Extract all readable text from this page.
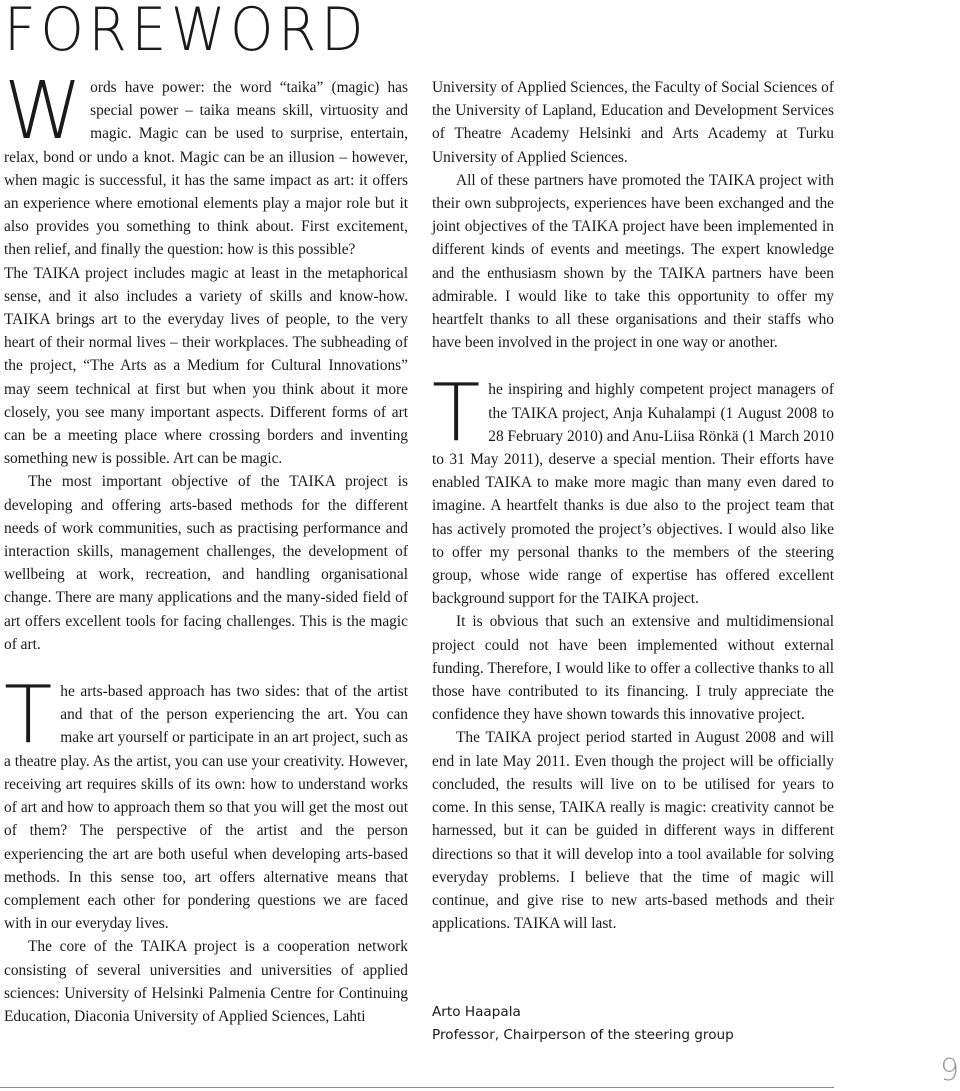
FOREWORD

W ords have power: the word “taika” (magic) has special power – taika means skill, virtuosity and magic. Magic can be used to surprise, entertain, relax, bond or undo a knot. Magic can be an illusion – however, when magic is successful, it has the same impact as art: it offers an experience where emotional elements play a major role but it also provides you something to think about. First excitement, then relief, and finally the question: how is this possible?

The TAIKA project includes magic at least in the metaphorical sense, and it also includes a variety of skills and know-how. TAIKA brings art to the everyday lives of people, to the very heart of their normal lives – their workplaces. The subheading of the project, “The Arts as a Medium for Cultural Innovations” may seem technical at first but when you think about it more closely, you see many important aspects. Different forms of art can be a meeting place where crossing borders and inventing something new is possible. Art can be magic.

The most important objective of the TAIKA project is developing and offering arts-based methods for the different needs of work communities, such as practising performance and interaction skills, management challenges, the development of wellbeing at work, recreation, and handling organisational change. There are many applications and the many-sided field of art offers excellent tools for facing challenges. This is the magic of art.

T he arts-based approach has two sides: that of the artist and that of the person experiencing the art. You can make art yourself or participate in an art project, such as a theatre play. As the artist, you can use your creativity. However, receiving art requires skills of its own: how to understand works of art and how to approach them so that you will get the most out of them? The perspective of the artist and the person experiencing the art are both useful when developing arts-based methods. In this sense too, art offers alternative means that complement each other for pondering questions we are faced with in our everyday lives.

The core of the TAIKA project is a cooperation network consisting of several universities and universities of applied sciences: University of Helsinki Palmenia Centre for Continuing Education, Diaconia University of Applied Sciences, Lahti

University of Applied Sciences, the Faculty of Social Sciences of the University of Lapland, Education and Development Services of Theatre Academy Helsinki and Arts Academy at Turku University of Applied Sciences.

All of these partners have promoted the TAIKA project with their own subprojects, experiences have been exchanged and the joint objectives of the TAIKA project have been implemented in different kinds of events and meetings. The expert knowledge and the enthusiasm shown by the TAIKA partners have been admirable. I would like to take this opportunity to offer my heartfelt thanks to all these organisations and their staffs who have been involved in the project in one way or another.

T he inspiring and highly competent project managers of the TAIKA project, Anja Kuhalampi (1 August 2008 to 28 February 2010) and Anu-Liisa Rönkä (1 March 2010 to 31 May 2011), deserve a special mention. Their efforts have enabled TAIKA to make more magic than many even dared to imagine. A heartfelt thanks is due also to the project team that has actively promoted the project’s objectives. I would also like to offer my personal thanks to the members of the steering group, whose wide range of expertise has offered excellent background support for the TAIKA project.

It is obvious that such an extensive and multidimensional project could not have been implemented without external funding. Therefore, I would like to offer a collective thanks to all those have contributed to its financing. I truly appreciate the confidence they have shown towards this innovative project.

The TAIKA project period started in August 2008 and will end in late May 2011. Even though the project will be officially concluded, the results will live on to be utilised for years to come. In this sense, TAIKA really is magic: creativity cannot be harnessed, but it can be guided in different ways in different directions so that it will develop into a tool available for solving everyday problems. I believe that the time of magic will continue, and give rise to new arts-based methods and their applications. TAIKA will last.

Arto Haapala
Professor, Chairperson of the steering group
9
